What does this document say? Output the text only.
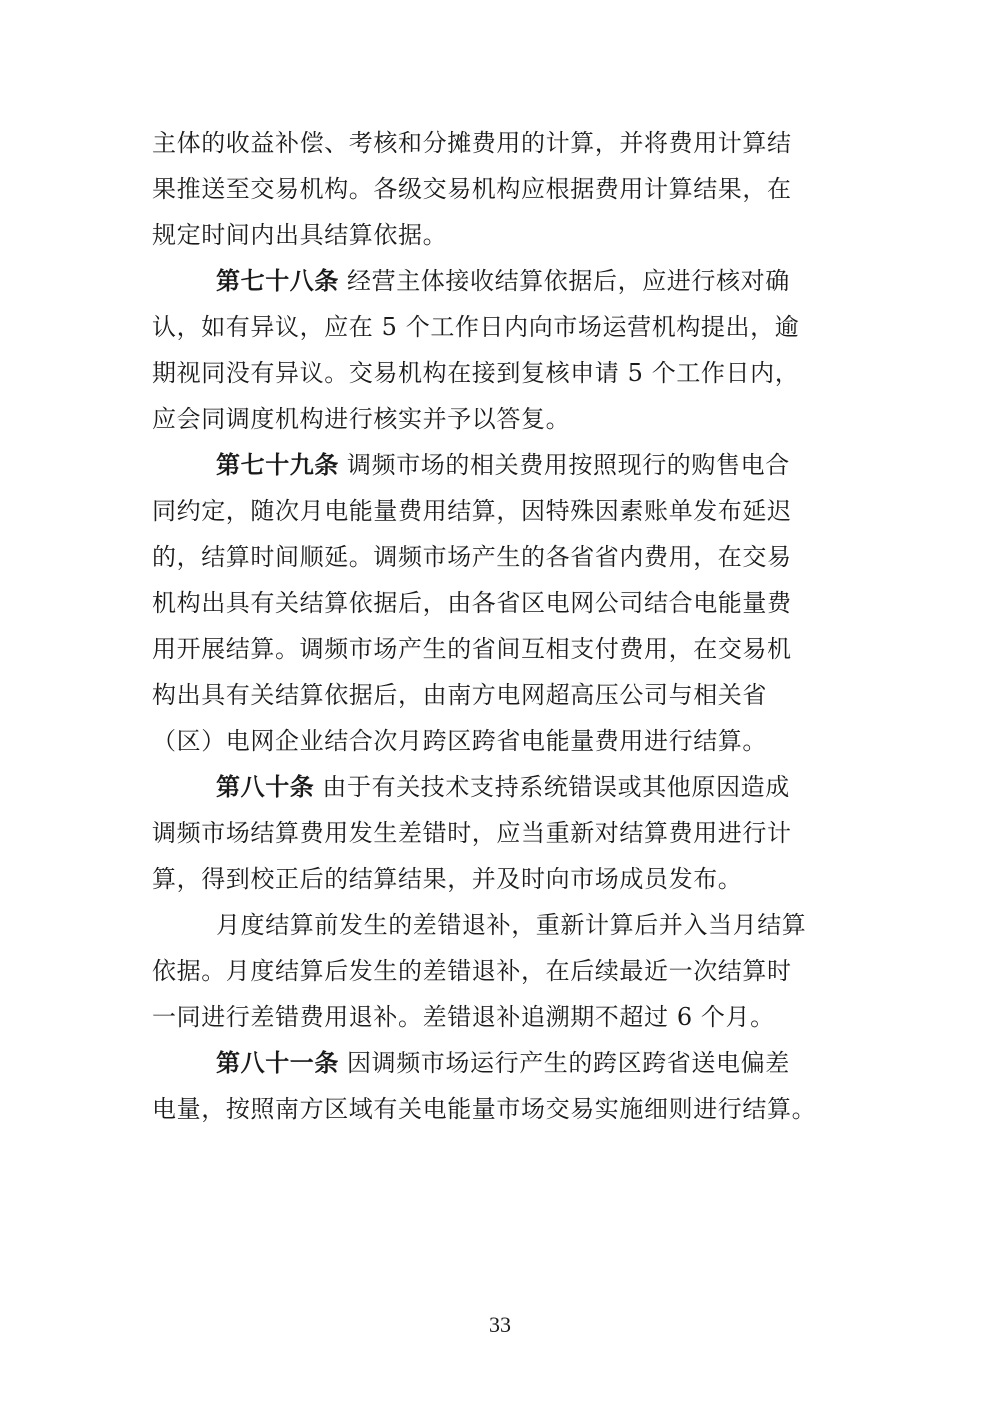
主体的收益补偿、考核和分摊费用的计算，并将费用计算结
果推送至交易机构。各级交易机构应根据费用计算结果，在
规定时间内出具结算依据。
第七十八条 经营主体接收结算依据后，应进行核对确
认，如有异议，应在 5 个工作日内向市场运营机构提出，逾
期视同没有异议。交易机构在接到复核申请 5 个工作日内，
应会同调度机构进行核实并予以答复。
第七十九条 调频市场的相关费用按照现行的购售电合
同约定，随次月电能量费用结算，因特殊因素账单发布延迟
的，结算时间顺延。调频市场产生的各省省内费用，在交易
机构出具有关结算依据后，由各省区电网公司结合电能量费
用开展结算。调频市场产生的省间互相支付费用，在交易机
构出具有关结算依据后，由南方电网超高压公司与相关省
（区）电网企业结合次月跨区跨省电能量费用进行结算。
第八十条 由于有关技术支持系统错误或其他原因造成
调频市场结算费用发生差错时，应当重新对结算费用进行计
算，得到校正后的结算结果，并及时向市场成员发布。
月度结算前发生的差错退补，重新计算后并入当月结算
依据。月度结算后发生的差错退补，在后续最近一次结算时
一同进行差错费用退补。差错退补追溯期不超过 6 个月。
第八十一条 因调频市场运行产生的跨区跨省送电偏差
电量，按照南方区域有关电能量市场交易实施细则进行结算。
33
